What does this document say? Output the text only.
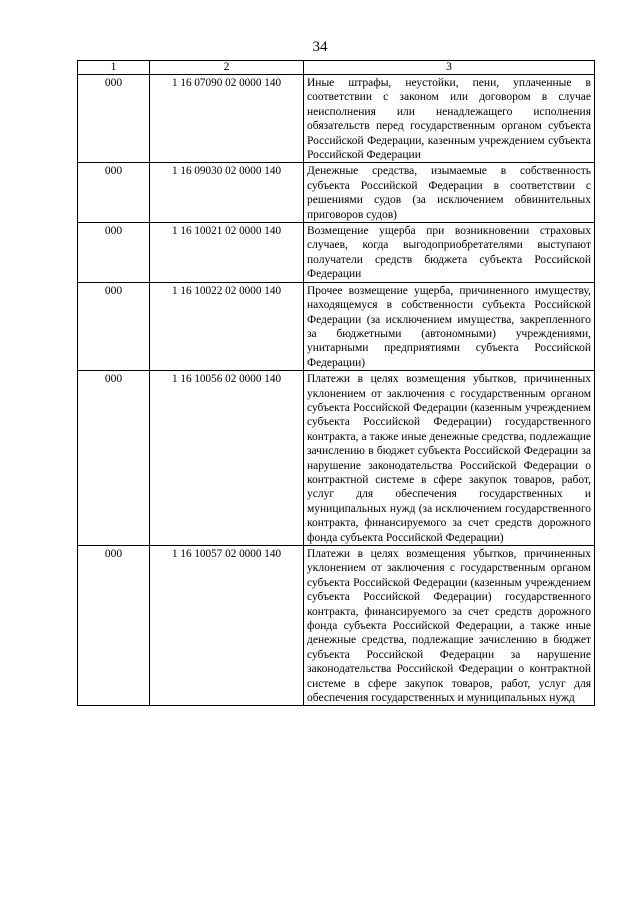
34
1	2	3
000	1 16 07090 02 0000 140	Иные штрафы, неустойки, пени, уплаченные в соответствии с законом или договором в случае неисполнения или ненадлежащего исполнения обязательств перед государственным органом субъекта Российской Федерации, казенным учреждением субъекта Российской Федерации
000	1 16 09030 02 0000 140	Денежные средства, изымаемые в собственность субъекта Российской Федерации в соответствии с решениями судов (за исключением обвинительных приговоров судов)
000	1 16 10021 02 0000 140	Возмещение ущерба при возникновении страховых случаев, когда выгодоприобретателями выступают получатели средств бюджета субъекта Российской Федерации
000	1 16 10022 02 0000 140	Прочее возмещение ущерба, причиненного имуществу, находящемуся в собственности субъекта Российской Федерации (за исключением имущества, закрепленного за бюджетными (автономными) учреждениями, унитарными предприятиями субъекта Российской Федерации)
000	1 16 10056 02 0000 140	Платежи в целях возмещения убытков, причиненных уклонением от заключения с государственным органом субъекта Российской Федерации (казенным учреждением субъекта Российской Федерации) государственного контракта, а также иные денежные средства, подлежащие зачислению в бюджет субъекта Российской Федерации за нарушение законодательства Российской Федерации о контрактной системе в сфере закупок товаров, работ, услуг для обеспечения государственных и муниципальных нужд (за исключением государственного контракта, финансируемого за счет средств дорожного фонда субъекта Российской Федерации)
000	1 16 10057 02 0000 140	Платежи в целях возмещения убытков, причиненных уклонением от заключения с государственным органом субъекта Российской Федерации (казенным учреждением субъекта Российской Федерации) государственного контракта, финансируемого за счет средств дорожного фонда субъекта Российской Федерации, а также иные денежные средства, подлежащие зачислению в бюджет субъекта Российской Федерации за нарушение законодательства Российской Федерации о контрактной системе в сфере закупок товаров, работ, услуг для обеспечения государственных и муниципальных нужд
